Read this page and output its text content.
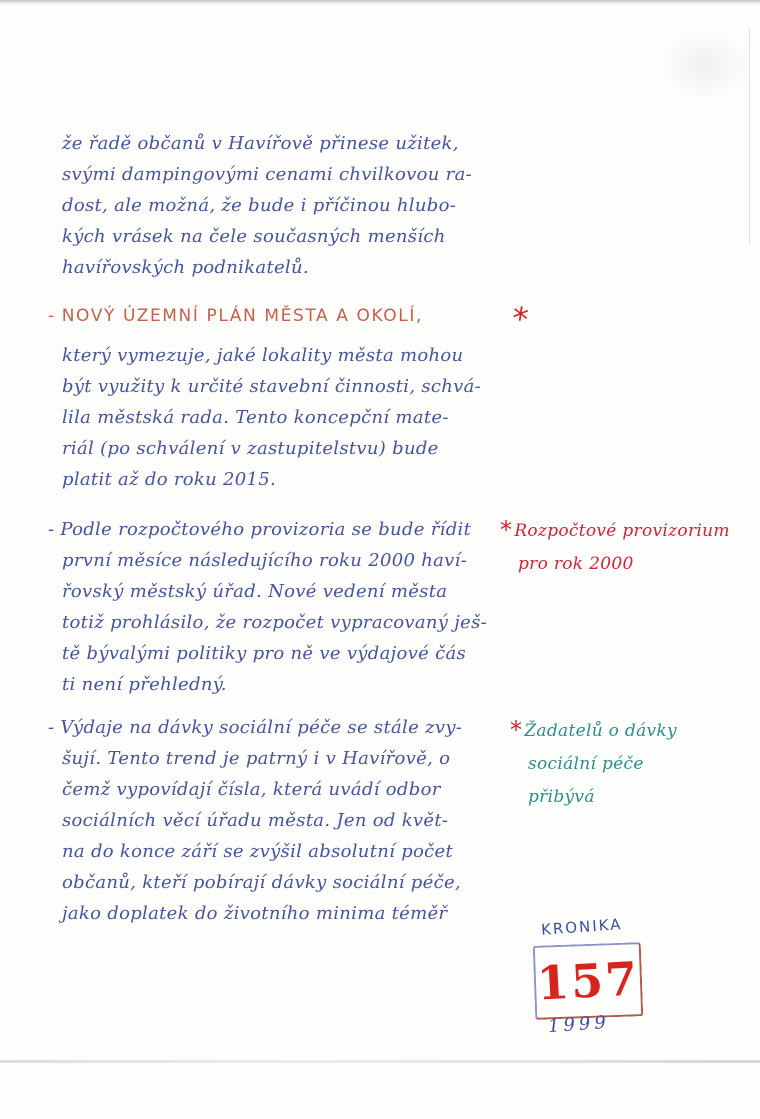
že řadě občanů v Havířově přinese užitek,
svými dampingovými cenami chvilkovou ra-
dost, ale možná, že bude i příčinou hlubo-
kých vrásek na čele současných menších
havířovských podnikatelů.
- NOVÝ ÚZEMNÍ PLÁN MĚSTA A OKOLÍ,	*
který vymezuje, jaké lokality města mohou
být využity k určité stavební činnosti, schvá-
lila městská rada. Tento koncepční mate-
riál (po schválení v zastupitelstvu) bude
platit až do roku 2015.
- Podle rozpočtového provizoria se bude řídit
první měsíce následujícího roku 2000 haví-
řovský městský úřad. Nové vedení města
totiž prohlásilo, že rozpočet vypracovaný ješ-
tě bývalými politiky pro ně ve výdajové čás
ti není přehledný.
* Rozpočtové provizorium
pro rok 2000
- Výdaje na dávky sociální péče se stále zvy-
šují. Tento trend je patrný i v Havířově, o
čemž vypovídají čísla, která uvádí odbor
sociálních věcí úřadu města. Jen od květ-
na do konce září se zvýšil absolutní počet
občanů, kteří pobírají dávky sociální péče,
jako doplatek do životního minima téměř
* Žadatelů o dávky
sociální péče
přibývá
KRONIKA
157
1999
